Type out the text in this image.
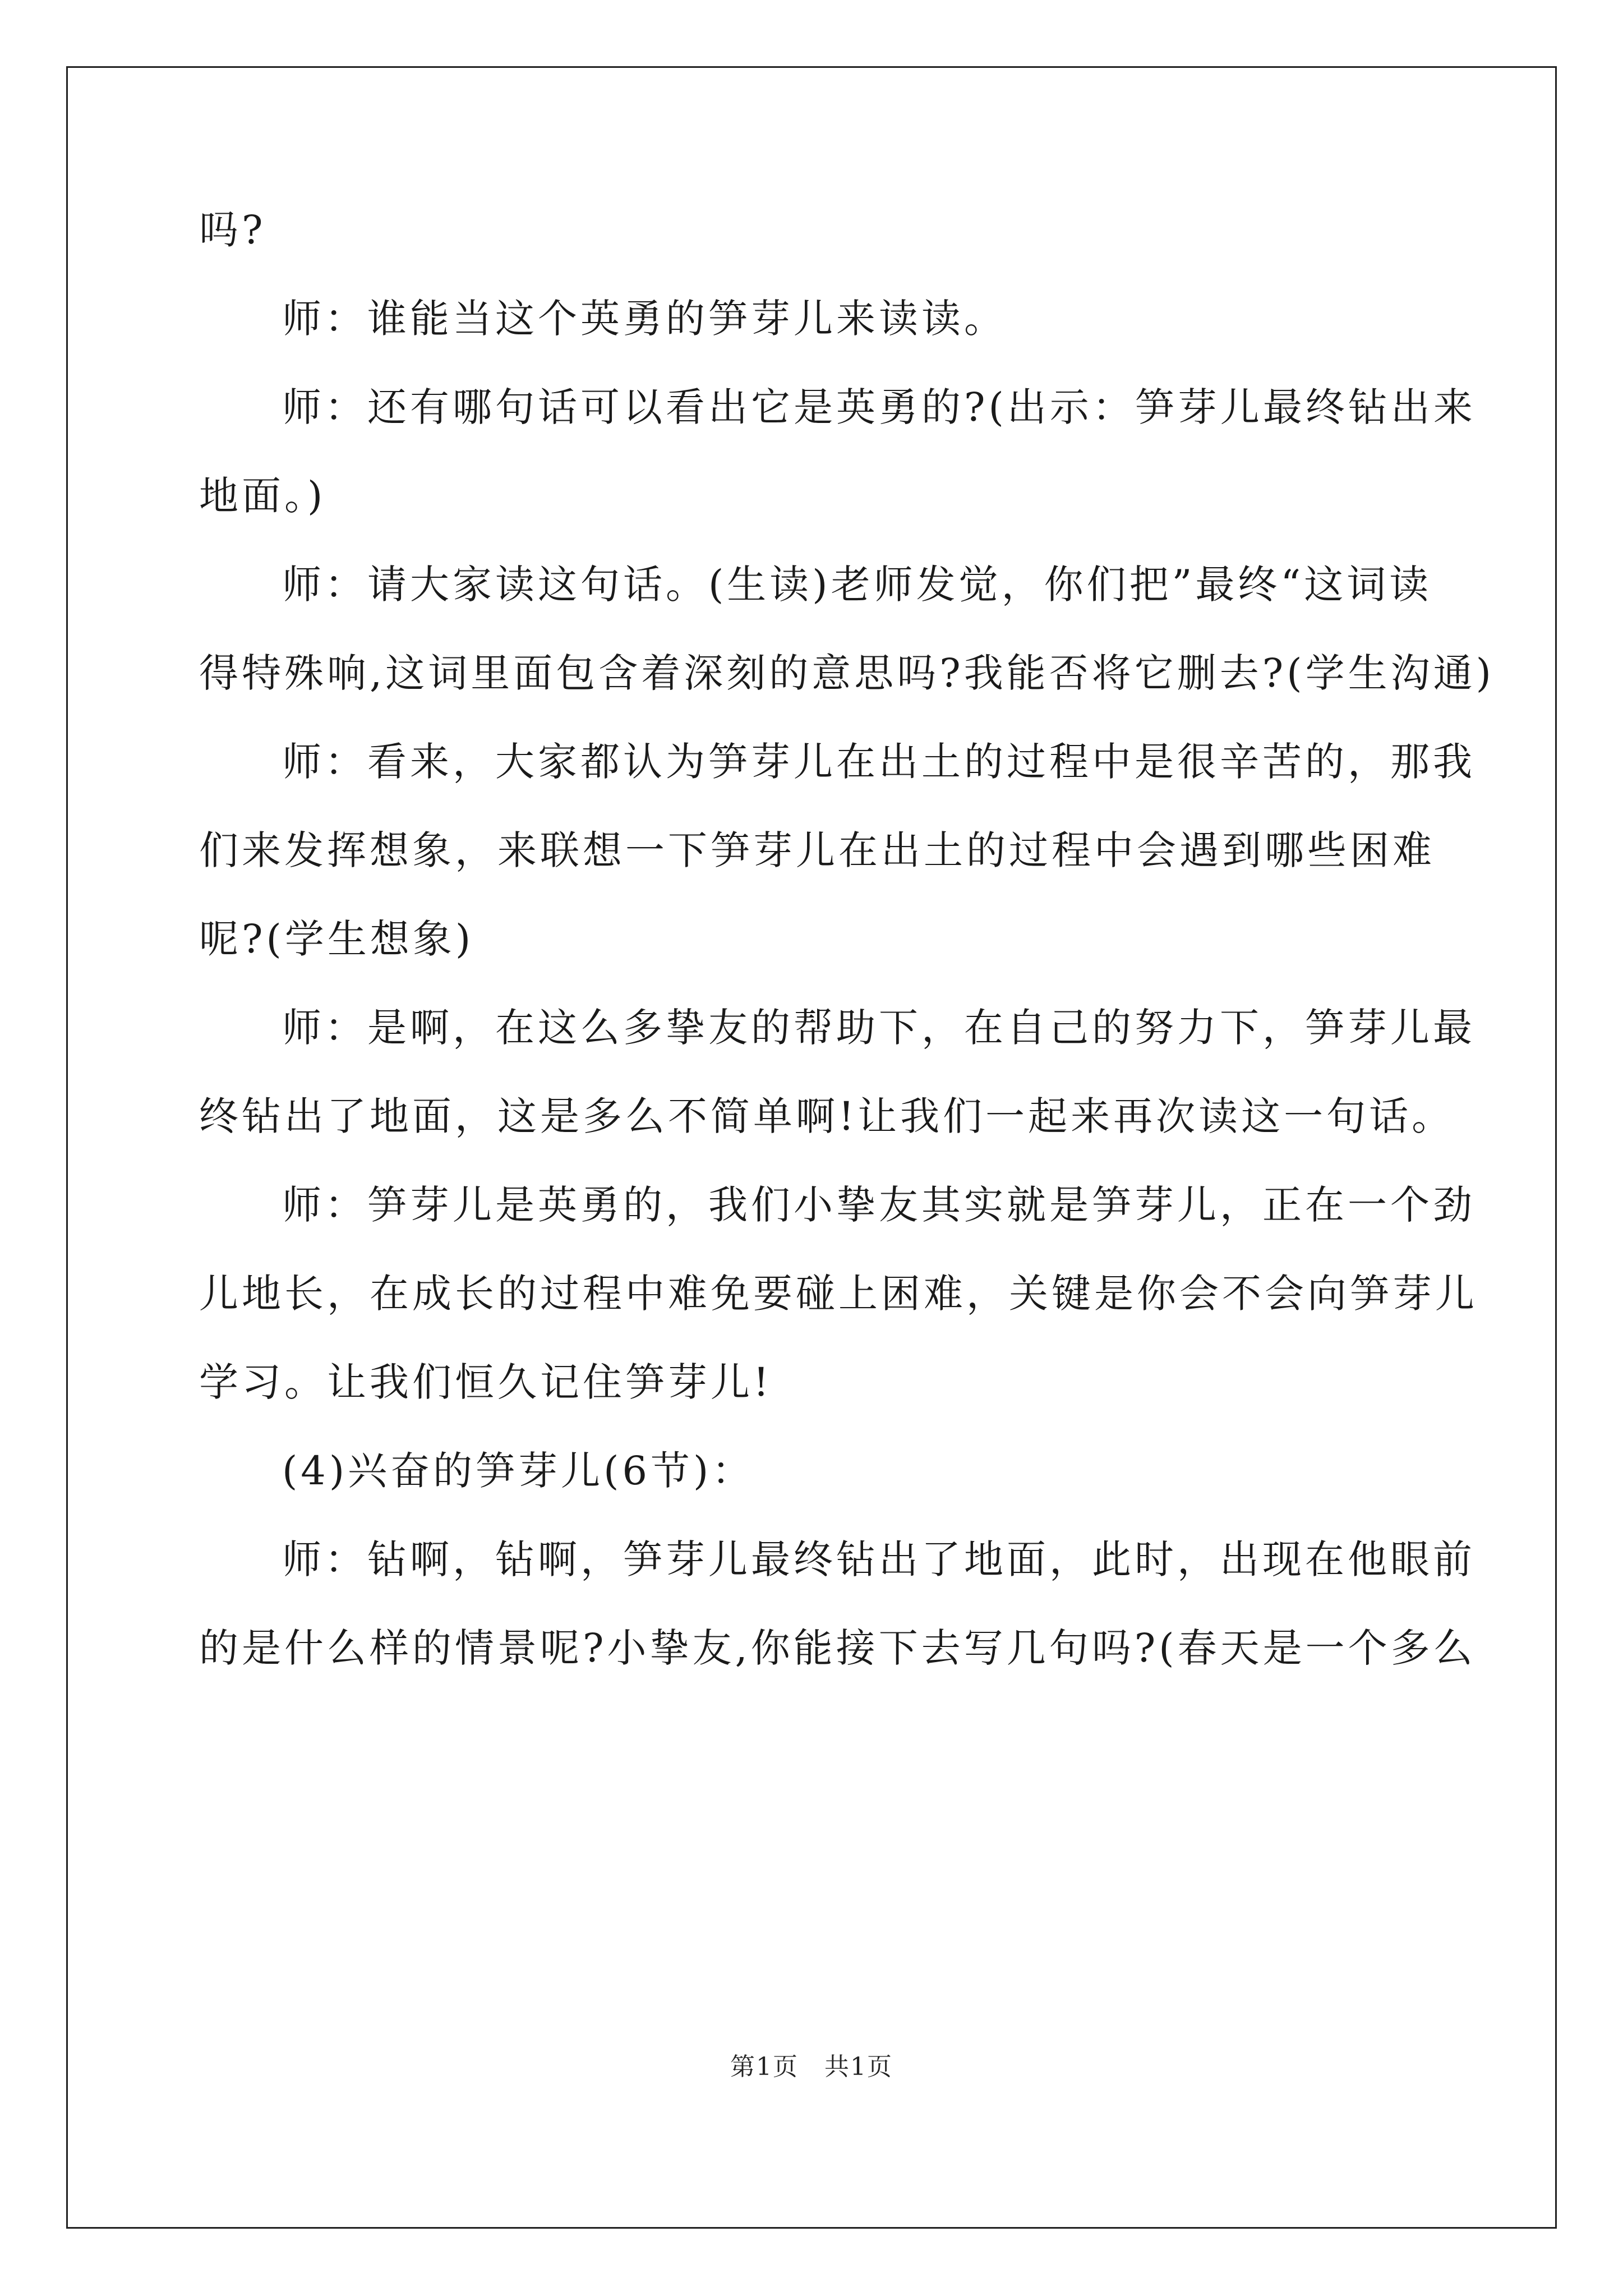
吗?
师：谁能当这个英勇的笋芽儿来读读。
师：还有哪句话可以看出它是英勇的?(出示：笋芽儿最终钻出来
地面。)
师：请大家读这句话。(生读)老师发觉，你们把”最终“这词读
得特殊响,这词里面包含着深刻的意思吗?我能否将它删去?(学生沟通)
师：看来，大家都认为笋芽儿在出土的过程中是很辛苦的，那我
们来发挥想象，来联想一下笋芽儿在出土的过程中会遇到哪些困难
呢?(学生想象)
师：是啊，在这么多挚友的帮助下，在自己的努力下，笋芽儿最
终钻出了地面，这是多么不简单啊!让我们一起来再次读这一句话。
师：笋芽儿是英勇的，我们小挚友其实就是笋芽儿，正在一个劲
儿地长，在成长的过程中难免要碰上困难，关键是你会不会向笋芽儿
学习。让我们恒久记住笋芽儿!
(4)兴奋的笋芽儿(6节)：
师：钻啊，钻啊，笋芽儿最终钻出了地面，此时，出现在他眼前
的是什么样的情景呢?小挚友,你能接下去写几句吗?(春天是一个多么
第1页 共1页
